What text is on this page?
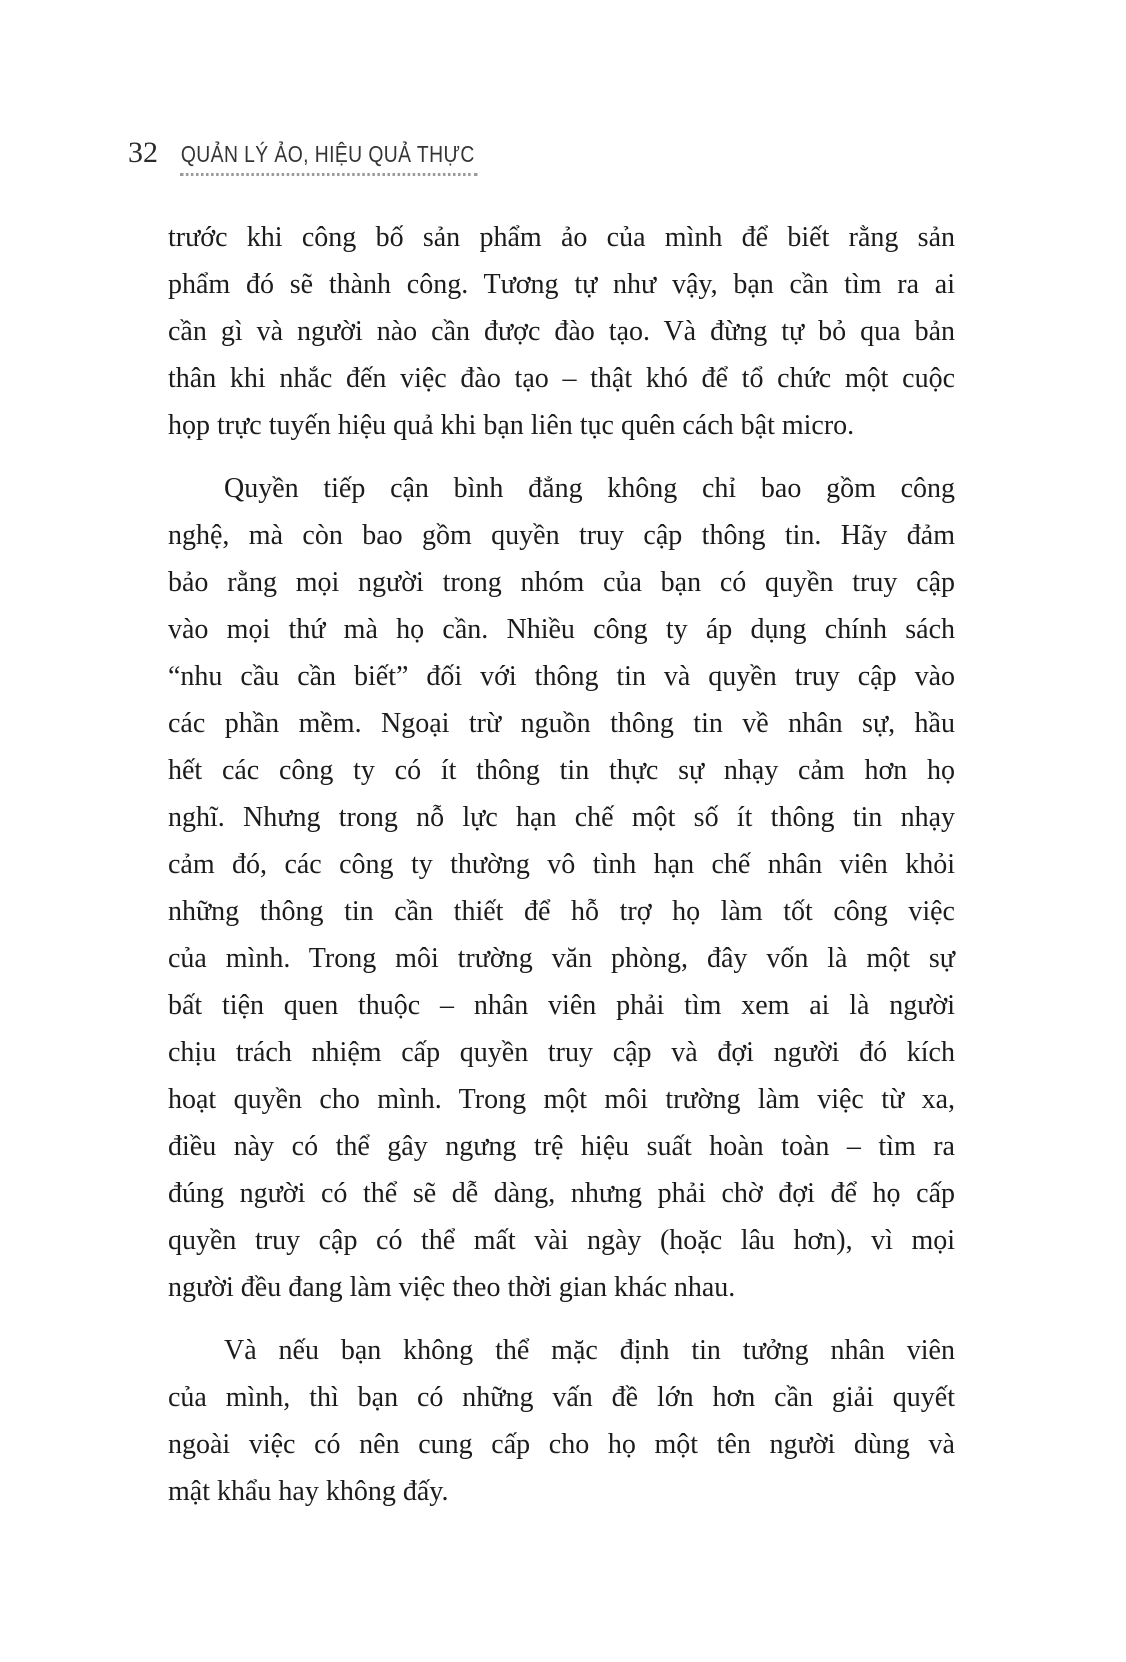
32 QUẢN LÝ ẢO, HIỆU QUẢ THỰC
trước khi công bố sản phẩm ảo của mình để biết rằng sản
phẩm đó sẽ thành công. Tương tự như vậy, bạn cần tìm ra ai
cần gì và người nào cần được đào tạo. Và đừng tự bỏ qua bản
thân khi nhắc đến việc đào tạo – thật khó để tổ chức một cuộc
họp trực tuyến hiệu quả khi bạn liên tục quên cách bật micro.
Quyền tiếp cận bình đẳng không chỉ bao gồm công
nghệ, mà còn bao gồm quyền truy cập thông tin. Hãy đảm
bảo rằng mọi người trong nhóm của bạn có quyền truy cập
vào mọi thứ mà họ cần. Nhiều công ty áp dụng chính sách
“nhu cầu cần biết” đối với thông tin và quyền truy cập vào
các phần mềm. Ngoại trừ nguồn thông tin về nhân sự, hầu
hết các công ty có ít thông tin thực sự nhạy cảm hơn họ
nghĩ. Nhưng trong nỗ lực hạn chế một số ít thông tin nhạy
cảm đó, các công ty thường vô tình hạn chế nhân viên khỏi
những thông tin cần thiết để hỗ trợ họ làm tốt công việc
của mình. Trong môi trường văn phòng, đây vốn là một sự
bất tiện quen thuộc – nhân viên phải tìm xem ai là người
chịu trách nhiệm cấp quyền truy cập và đợi người đó kích
hoạt quyền cho mình. Trong một môi trường làm việc từ xa,
điều này có thể gây ngưng trệ hiệu suất hoàn toàn – tìm ra
đúng người có thể sẽ dễ dàng, nhưng phải chờ đợi để họ cấp
quyền truy cập có thể mất vài ngày (hoặc lâu hơn), vì mọi
người đều đang làm việc theo thời gian khác nhau.
Và nếu bạn không thể mặc định tin tưởng nhân viên
của mình, thì bạn có những vấn đề lớn hơn cần giải quyết
ngoài việc có nên cung cấp cho họ một tên người dùng và
mật khẩu hay không đấy.
